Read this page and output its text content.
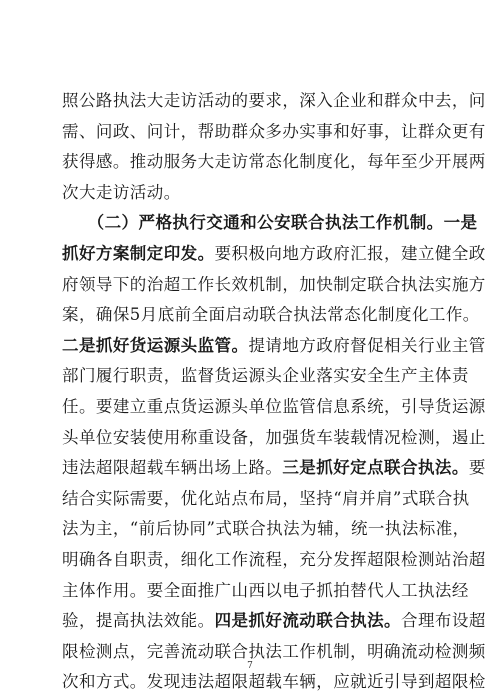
照公路执法大走访活动的要求，深入企业和群众中去，问
需、问政、问计，帮助群众多办实事和好事，让群众更有
获得感。推动服务大走访常态化制度化，每年至少开展两
次大走访活动。
　　（二）严格执行交通和公安联合执法工作机制。一是
抓好方案制定印发。要积极向地方政府汇报，建立健全政
府领导下的治超工作长效机制，加快制定联合执法实施方
案，确保5月底前全面启动联合执法常态化制度化工作。
二是抓好货运源头监管。提请地方政府督促相关行业主管
部门履行职责，监督货运源头企业落实安全生产主体责
任。要建立重点货运源头单位监管信息系统，引导货运源
头单位安装使用称重设备，加强货车装载情况检测，遏止
违法超限超载车辆出场上路。三是抓好定点联合执法。要
结合实际需要，优化站点布局，坚持“肩并肩”式联合执
法为主，“前后协同”式联合执法为辅，统一执法标准，
明确各自职责，细化工作流程，充分发挥超限检测站治超
主体作用。要全面推广山西以电子抓拍替代人工执法经
验，提高执法效能。四是抓好流动联合执法。合理布设超
限检测点，完善流动联合执法工作机制，明确流动检测频
次和方式。发现违法超限超载车辆，应就近引导到超限检
7
